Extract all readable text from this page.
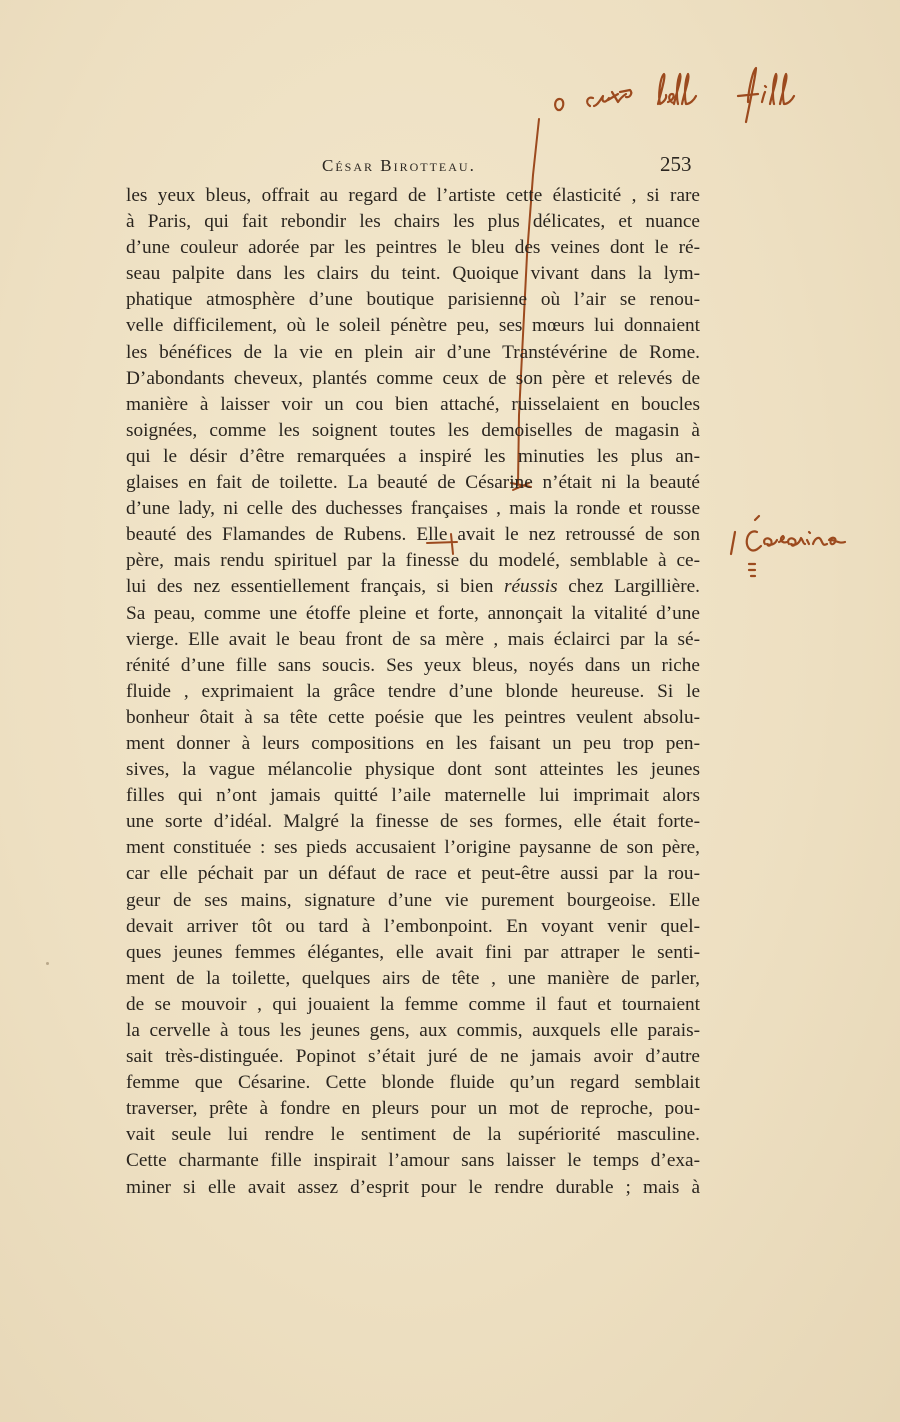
César Birotteau.	253
les yeux bleus, offrait au regard de l’artiste cette élasticité , si rare
à Paris, qui fait rebondir les chairs les plus délicates, et nuance
d’une couleur adorée par les peintres le bleu des veines dont le ré-
seau palpite dans les clairs du teint. Quoique vivant dans la lym-
phatique atmosphère d’une boutique parisienne où l’air se renou-
velle difficilement, où le soleil pénètre peu, ses mœurs lui donnaient
les bénéfices de la vie en plein air d’une Transtévérine de Rome.
D’abondants cheveux, plantés comme ceux de son père et relevés de
manière à laisser voir un cou bien attaché, ruisselaient en boucles
soignées, comme les soignent toutes les demoiselles de magasin à
qui le désir d’être remarquées a inspiré les minuties les plus an-
glaises en fait de toilette. La beauté de Césarine n’était ni la beauté
d’une lady, ni celle des duchesses françaises , mais la ronde et rousse
beauté des Flamandes de Rubens. Elle avait le nez retroussé de son
père, mais rendu spirituel par la finesse du modelé, semblable à ce-
lui des nez essentiellement français, si bien réussis chez Largillière.
Sa peau, comme une étoffe pleine et forte, annonçait la vitalité d’une
vierge. Elle avait le beau front de sa mère , mais éclairci par la sé-
rénité d’une fille sans soucis. Ses yeux bleus, noyés dans un riche
fluide , exprimaient la grâce tendre d’une blonde heureuse. Si le
bonheur ôtait à sa tête cette poésie que les peintres veulent absolu-
ment donner à leurs compositions en les faisant un peu trop pen-
sives, la vague mélancolie physique dont sont atteintes les jeunes
filles qui n’ont jamais quitté l’aile maternelle lui imprimait alors
une sorte d’idéal. Malgré la finesse de ses formes, elle était forte-
ment constituée : ses pieds accusaient l’origine paysanne de son père,
car elle péchait par un défaut de race et peut-être aussi par la rou-
geur de ses mains, signature d’une vie purement bourgeoise. Elle
devait arriver tôt ou tard à l’embonpoint. En voyant venir quel-
ques jeunes femmes élégantes, elle avait fini par attraper le senti-
ment de la toilette, quelques airs de tête , une manière de parler,
de se mouvoir , qui jouaient la femme comme il faut et tournaient
la cervelle à tous les jeunes gens, aux commis, auxquels elle parais-
sait très-distinguée. Popinot s’était juré de ne jamais avoir d’autre
femme que Césarine. Cette blonde fluide qu’un regard semblait
traverser, prête à fondre en pleurs pour un mot de reproche, pou-
vait seule lui rendre le sentiment de la supériorité masculine.
Cette charmante fille inspirait l’amour sans laisser le temps d’exa-
miner si elle avait assez d’esprit pour le rendre durable ; mais à
